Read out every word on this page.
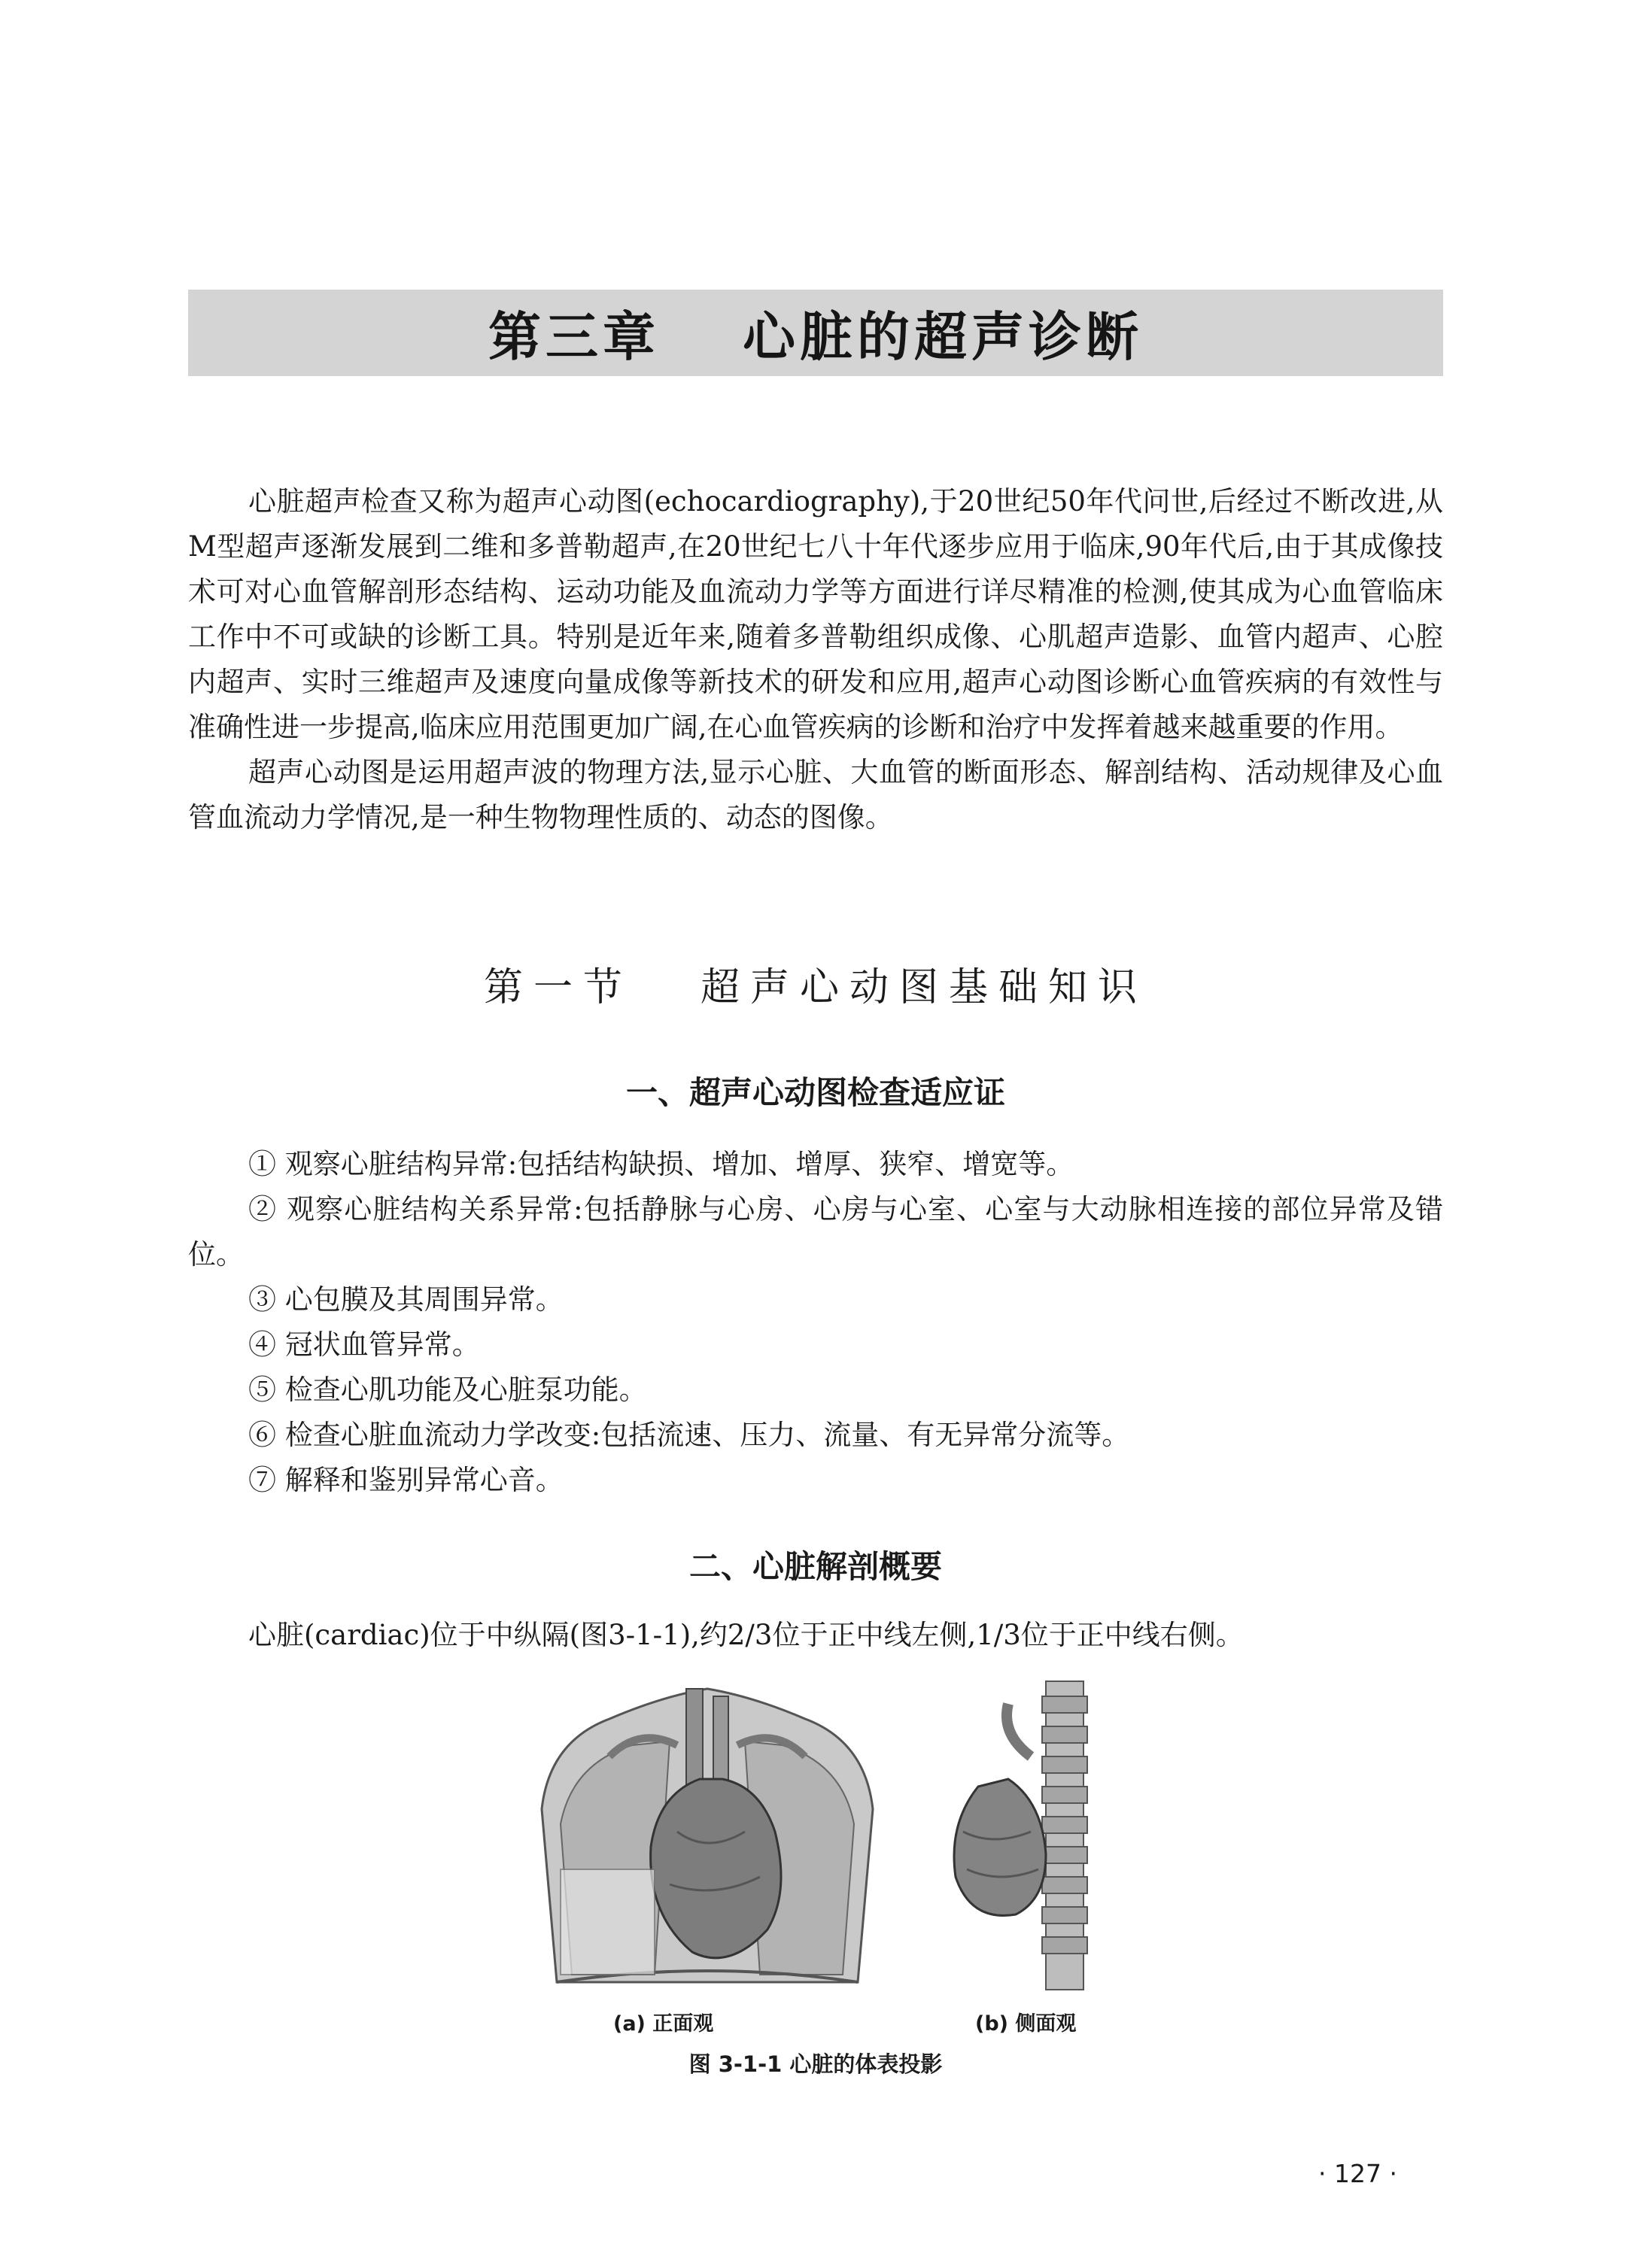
第三章 心脏的超声诊断

心脏超声检查又称为超声心动图(echocardiography),于20世纪50年代问世,后经过不断改进,从M型超声逐渐发展到二维和多普勒超声,在20世纪七八十年代逐步应用于临床,90年代后,由于其成像技术可对心血管解剖形态结构、运动功能及血流动力学等方面进行详尽精准的检测,使其成为心血管临床工作中不可或缺的诊断工具。特别是近年来,随着多普勒组织成像、心肌超声造影、血管内超声、心腔内超声、实时三维超声及速度向量成像等新技术的研发和应用,超声心动图诊断心血管疾病的有效性与准确性进一步提高,临床应用范围更加广阔,在心血管疾病的诊断和治疗中发挥着越来越重要的作用。

超声心动图是运用超声波的物理方法,显示心脏、大血管的断面形态、解剖结构、活动规律及心血管血流动力学情况,是一种生物物理性质的、动态的图像。

第一节 超声心动图基础知识
一、超声心动图检查适应证

① 观察心脏结构异常:包括结构缺损、增加、增厚、狭窄、增宽等。

② 观察心脏结构关系异常:包括静脉与心房、心房与心室、心室与大动脉相连接的部位异常及错位。

③ 心包膜及其周围异常。

④ 冠状血管异常。

⑤ 检查心肌功能及心脏泵功能。

⑥ 检查心脏血流动力学改变:包括流速、压力、流量、有无异常分流等。

⑦ 解释和鉴别异常心音。

二、心脏解剖概要

心脏(cardiac)位于中纵隔(图3-1-1),约2/3位于正中线左侧,1/3位于正中线右侧。

(a) 正面观	(b) 侧面观
图 3-1-1 心脏的体表投影
· 127 ·
